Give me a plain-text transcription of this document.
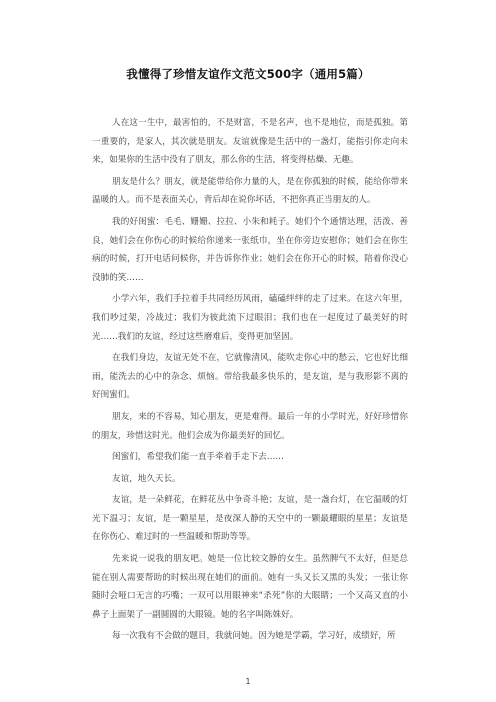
我懂得了珍惜友谊作文范文500字（通用5篇）

人在这一生中，最害怕的，不是财富，不是名声，也不是地位，而是孤独。第一重要的，是家人，其次就是朋友。友谊就像是生活中的一盏灯，能指引你走向未来，如果你的生活中没有了朋友，那么你的生活，将变得枯燥、无趣。

朋友是什么？朋友，就是能带给你力量的人，是在你孤独的时候，能给你带来温暖的人。而不是表面关心，背后却在说你坏话，不把你真正当朋友的人。

我的好闺蜜：毛毛、姗姗、拉拉、小朱和耗子。她们个个通情达理，活泼、善良，她们会在你伤心的时候给你递来一张纸巾，坐在你旁边安慰你；她们会在你生病的时候，打开电话问候你，并告诉你作业；她们会在你开心的时候，陪着你没心没肺的笑……

小学六年，我们手拉着手共同经历风雨，磕磕绊绊的走了过来。在这六年里，我们吵过架，冷战过；我们为彼此流下过眼泪；我们也在一起度过了最美好的时光……我们的友谊，经过这些磨难后，变得更加坚固。

在我们身边，友谊无处不在，它就像清风，能吹走你心中的愁云，它也好比细雨，能洗去的心中的杂念、烦恼。带给我最多快乐的，是友谊，是与我形影不离的好闺蜜们。

朋友，来的不容易，知心朋友，更是难得。最后一年的小学时光，好好珍惜你的朋友，珍惜这时光。他们会成为你最美好的回忆。

闺蜜们，希望我们能一直手牵着手走下去……

友谊，地久天长。

友谊，是一朵鲜花，在鲜花丛中争奇斗艳；友谊，是一盏台灯，在它温暖的灯光下温习；友谊，是一颗星星，是夜深人静的天空中的一颗最耀眼的星星；友谊是在你伤心、难过时的一些温暖和帮助等等。

先来说一说我的朋友吧。她是一位比较文静的女生。虽然脾气不太好，但是总能在别人需要帮助的时候出现在她们的面前。她有一头又长又黑的头发；一张让你随时会哑口无言的巧嘴；一双可以用眼神来“杀死”你的大眼睛；一个又高又直的小鼻子上面架了一副圆圆的大眼镜。她的名字叫陈姝好。

每一次我有不会做的题目，我就问她。因为她是学霸，学习好，成绩好，所

1
